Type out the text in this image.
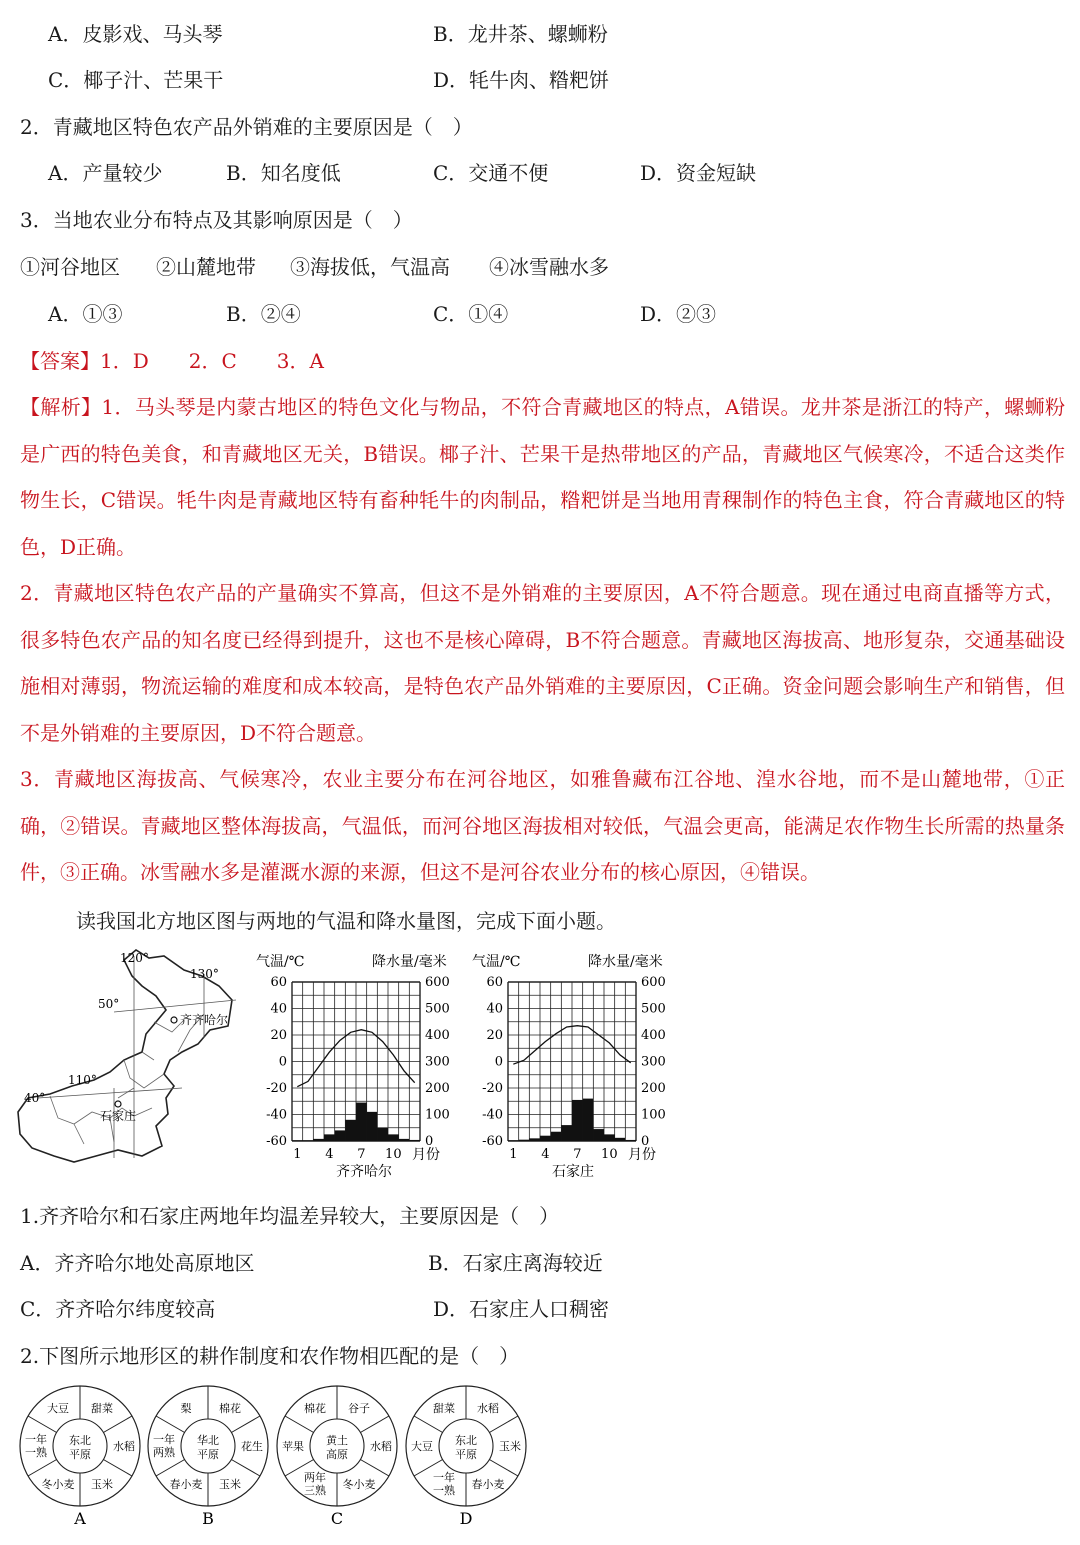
A．皮影戏、马头琴	B．龙井茶、螺蛳粉
C．椰子汁、芒果干	D．牦牛肉、糌粑饼
2．青藏地区特色农产品外销难的主要原因是（　）
A．产量较少	B．知名度低	C．交通不便	D．资金短缺
3．当地农业分布特点及其影响原因是（　）
①河谷地区 ②山麓地带 ③海拔低，气温高 ④冰雪融水多
A．①③	B．②④	C．①④	D．②③
【答案】1．D　　2．C　　3．A

【解析】1．马头琴是内蒙古地区的特色文化与物品，不符合青藏地区的特点，A错误。龙井茶是浙江的特产，螺蛳粉是广西的特色美食，和青藏地区无关，B错误。椰子汁、芒果干是热带地区的产品，青藏地区气候寒冷，不适合这类作物生长，C错误。牦牛肉是青藏地区特有畜种牦牛的肉制品，糌粑饼是当地用青稞制作的特色主食，符合青藏地区的特色，D正确。

2．青藏地区特色农产品的产量确实不算高，但这不是外销难的主要原因，A不符合题意。现在通过电商直播等方式，很多特色农产品的知名度已经得到提升，这也不是核心障碍，B不符合题意。青藏地区海拔高、地形复杂，交通基础设施相对薄弱，物流运输的难度和成本较高，是特色农产品外销难的主要原因，C正确。资金问题会影响生产和销售，但不是外销难的主要原因，D不符合题意。

3．青藏地区海拔高、气候寒冷，农业主要分布在河谷地区，如雅鲁藏布江谷地、湟水谷地，而不是山麓地带，①正确，②错误。青藏地区整体海拔高，气温低，而河谷地区海拔相对较低，气温会更高，能满足农作物生长所需的热量条件，③正确。冰雪融水多是灌溉水源的来源，但这不是河谷农业分布的核心原因，④错误。

读我国北方地区图与两地的气温和降水量图，完成下面小题。
120°
130°
50°
110°
40°
齐齐哈尔
石家庄
气温/℃	降水量/毫米
60
40
20
0
-20
-40
-60
600
500
400
300
200
100
0
1 4 7 10 月份
齐齐哈尔
气温/℃	降水量/毫米
60
40
20
0
-20
-40
-60
600
500
400
300
200
100
0
1 4 7 10 月份
石家庄
1.齐齐哈尔和石家庄两地年均温差异较大，主要原因是（　）
A．齐齐哈尔地处高原地区	B．石家庄离海较近
C．齐齐哈尔纬度较高	D．石家庄人口稠密
2.下图所示地形区的耕作制度和农作物相匹配的是（　）
大豆 甜菜
水稻
玉米
冬小麦
一年
一熟
东北
平原
A
梨	棉花
花生
玉米
春小麦
一年
两熟
华北
平原
B
棉花 谷子
水稻
冬小麦
两年
三熟
苹果 黄土
高原
C
甜菜 水稻
玉米
春小麦
一年
一熟
大豆 东北
平原
D
